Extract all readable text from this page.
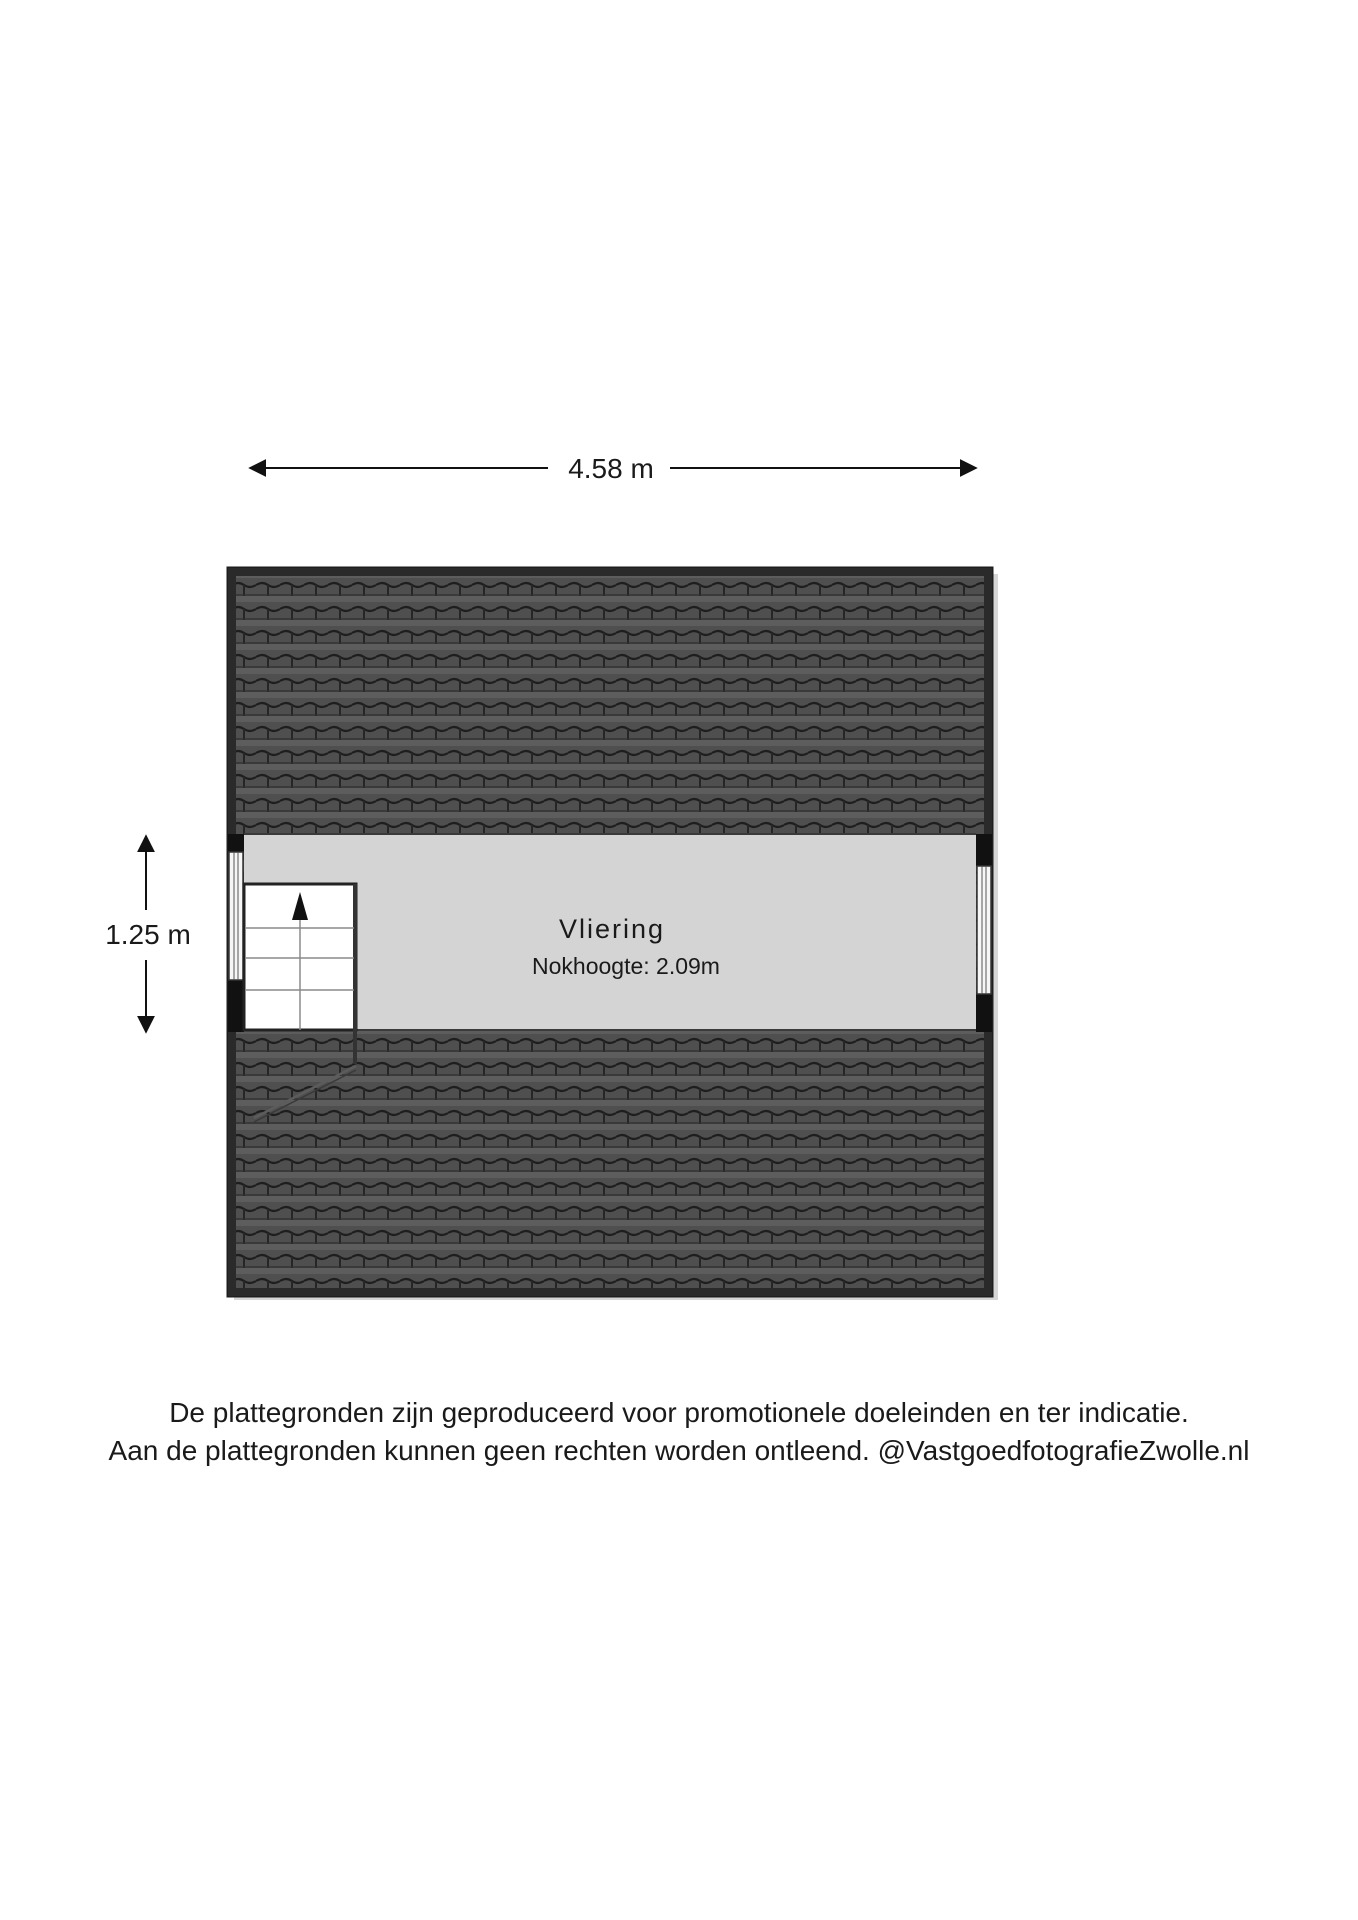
4.58 m
1.25 m	Vliering
Nokhoogte: 2.09m

De plattegronden zijn geproduceerd voor promotionele doeleinden en ter indicatie.

Aan de plattegronden kunnen geen rechten worden ontleend. @VastgoedfotografieZwolle.nl
